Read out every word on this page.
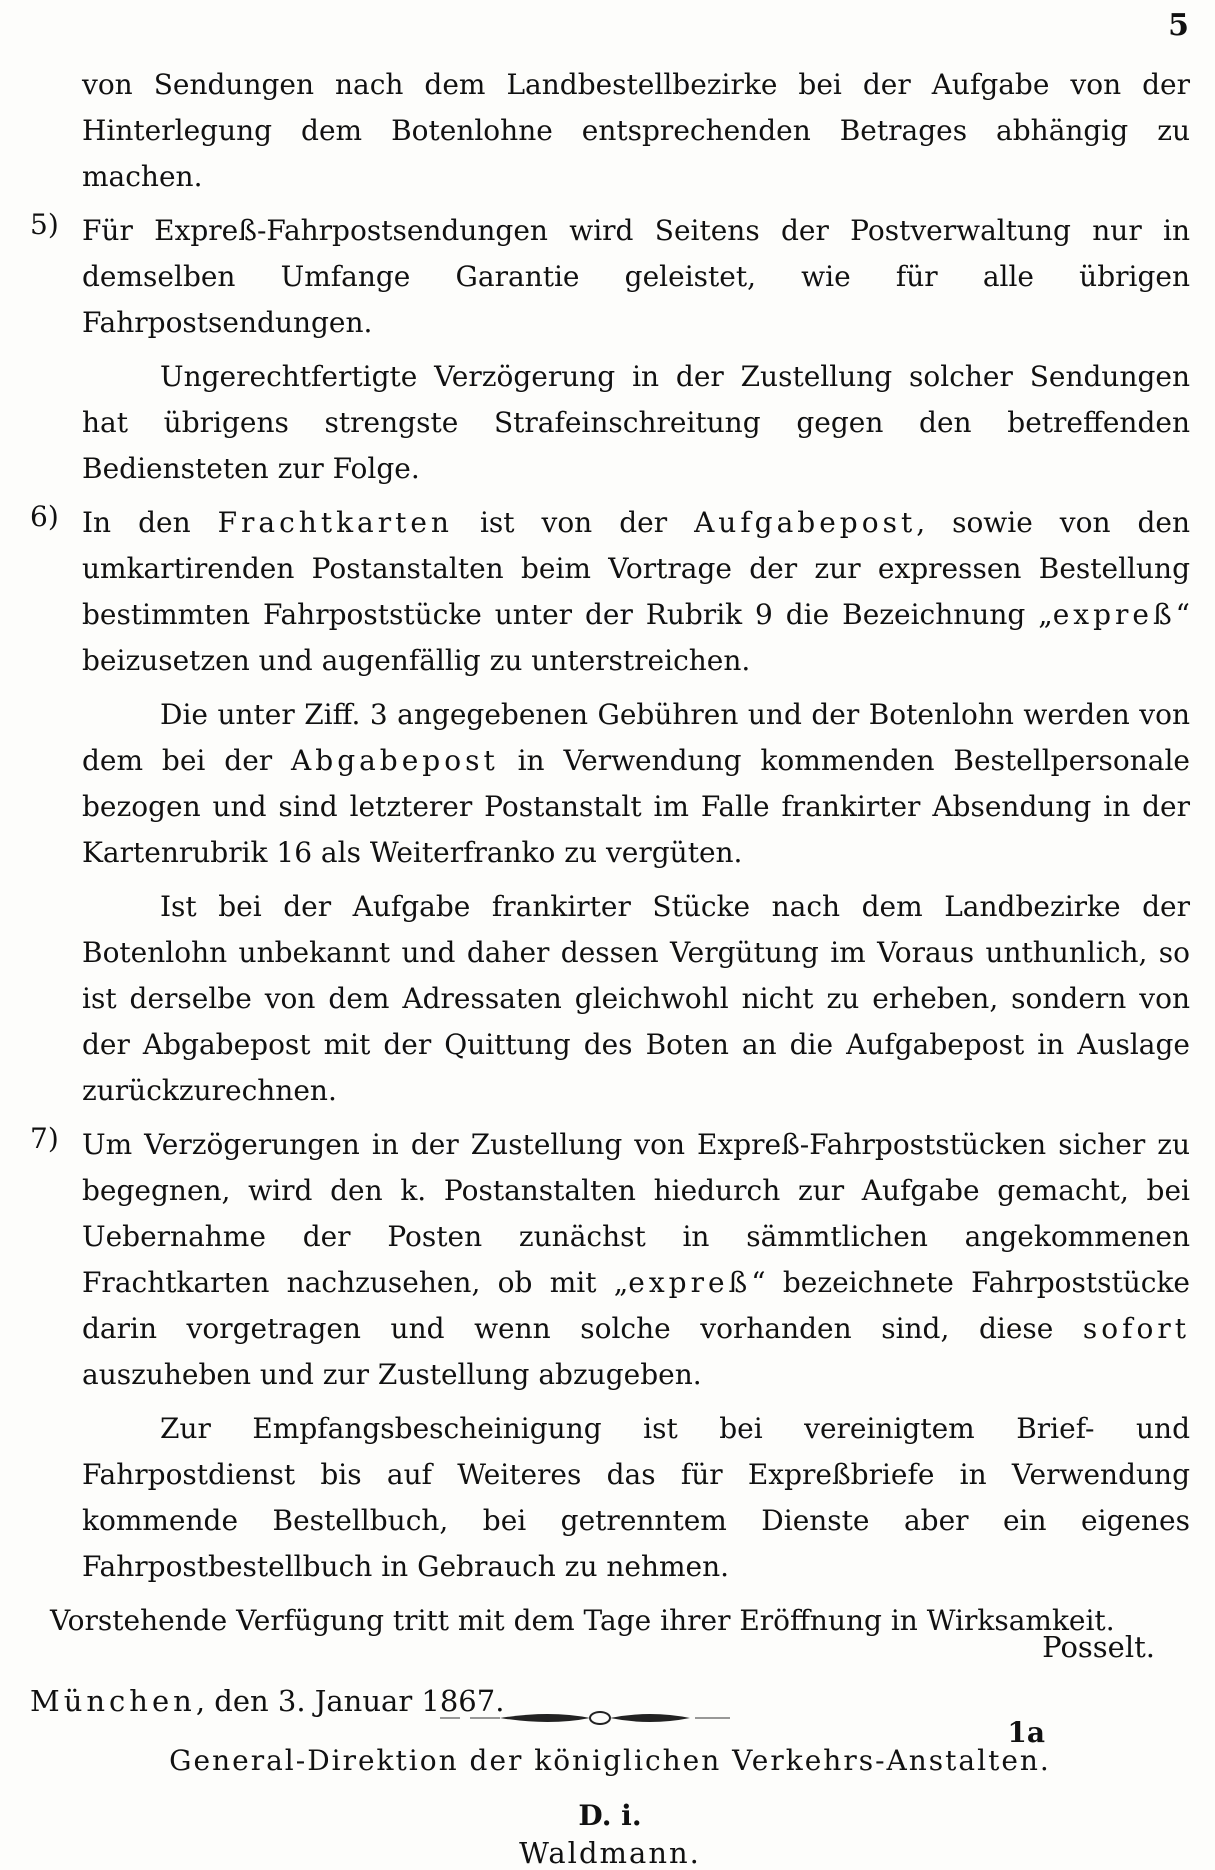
5

von Sendungen nach dem Landbestellbezirke bei der Aufgabe von der Hinterlegung dem Botenlohne entsprechenden Betrages abhängig zu machen.

5) Für Expreß-Fahrpostsendungen wird Seitens der Postverwaltung nur in demselben Umfange Garantie geleistet, wie für alle übrigen Fahrpostsendungen.

Ungerechtfertigte Verzögerung in der Zustellung solcher Sendungen hat übrigens strengste Strafeinschreitung gegen den betreffenden Bediensteten zur Folge.

6) In den Frachtkarten ist von der Aufgabepost, sowie von den umkartirenden Postanstalten beim Vortrage der zur expressen Bestellung bestimmten Fahrpoststücke unter der Rubrik 9 die Bezeichnung „expreß“ beizusetzen und augenfällig zu unterstreichen.

Die unter Ziff. 3 angegebenen Gebühren und der Botenlohn werden von dem bei der Abgabepost in Verwendung kommenden Bestellpersonale bezogen und sind letzterer Postanstalt im Falle frankirter Absendung in der Kartenrubrik 16 als Weiterfranko zu vergüten.

Ist bei der Aufgabe frankirter Stücke nach dem Landbezirke der Botenlohn unbekannt und daher dessen Vergütung im Voraus unthunlich, so ist derselbe von dem Adressaten gleichwohl nicht zu erheben, sondern von der Abgabepost mit der Quittung des Boten an die Aufgabepost in Auslage zurückzurechnen.

7) Um Verzögerungen in der Zustellung von Expreß-Fahrpoststücken sicher zu begegnen, wird den k. Postanstalten hiedurch zur Aufgabe gemacht, bei Uebernahme der Posten zunächst in sämmtlichen angekommenen Frachtkarten nachzusehen, ob mit „expreß“ bezeichnete Fahrpoststücke darin vorgetragen und wenn solche vorhanden sind, diese sofort auszuheben und zur Zustellung abzugeben.

Zur Empfangsbescheinigung ist bei vereinigtem Brief- und Fahrpostdienst bis auf Weiteres das für Expreßbriefe in Verwendung kommende Bestellbuch, bei getrenntem Dienste aber ein eigenes Fahrpostbestellbuch in Gebrauch zu nehmen.

Vorstehende Verfügung tritt mit dem Tage ihrer Eröffnung in Wirksamkeit.

München, den 3. Januar 1867.
General-Direktion der königlichen Verkehrs-Anstalten.
D. i.
Waldmann.
Posselt.
1a
